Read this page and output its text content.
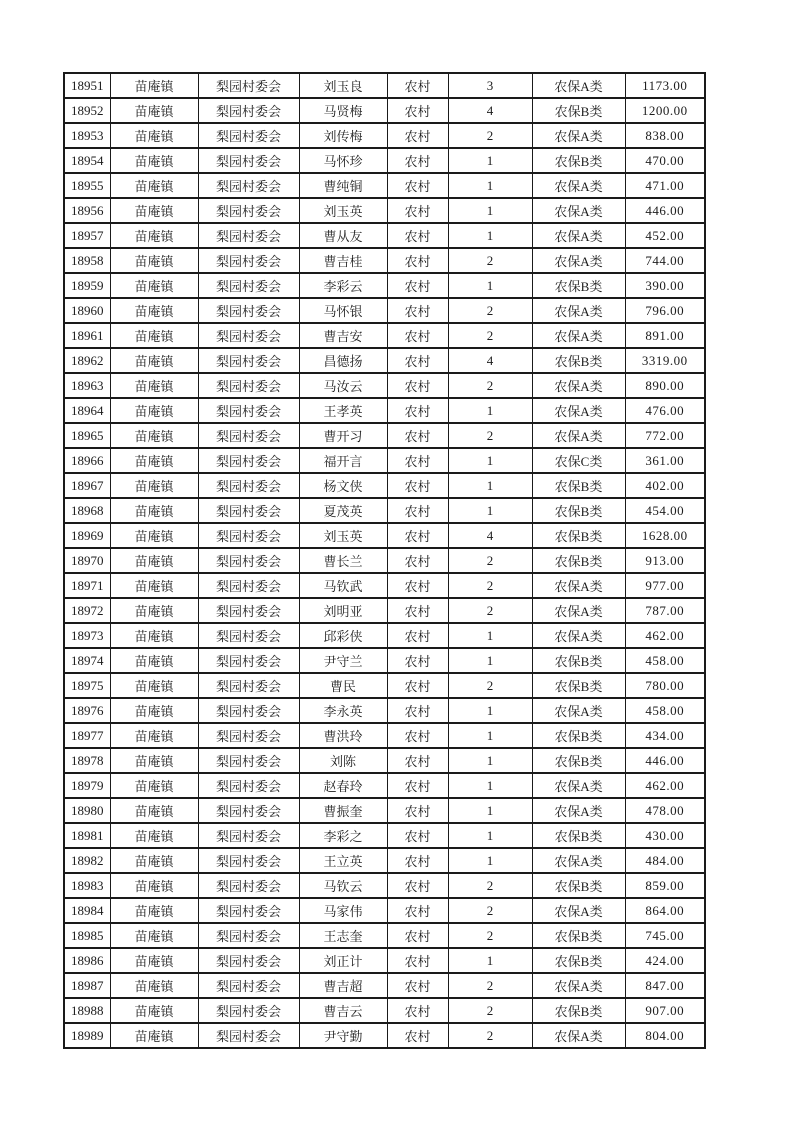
18951	苗庵镇	梨园村委会	刘玉良	农村	3	农保A类	1173.00
18952	苗庵镇	梨园村委会	马贤梅	农村	4	农保B类	1200.00
18953	苗庵镇	梨园村委会	刘传梅	农村	2	农保A类	838.00
18954	苗庵镇	梨园村委会	马怀珍	农村	1	农保B类	470.00
18955	苗庵镇	梨园村委会	曹纯铜	农村	1	农保A类	471.00
18956	苗庵镇	梨园村委会	刘玉英	农村	1	农保A类	446.00
18957	苗庵镇	梨园村委会	曹从友	农村	1	农保A类	452.00
18958	苗庵镇	梨园村委会	曹吉桂	农村	2	农保A类	744.00
18959	苗庵镇	梨园村委会	李彩云	农村	1	农保B类	390.00
18960	苗庵镇	梨园村委会	马怀银	农村	2	农保A类	796.00
18961	苗庵镇	梨园村委会	曹吉安	农村	2	农保A类	891.00
18962	苗庵镇	梨园村委会	昌德扬	农村	4	农保B类	3319.00
18963	苗庵镇	梨园村委会	马汝云	农村	2	农保A类	890.00
18964	苗庵镇	梨园村委会	王孝英	农村	1	农保A类	476.00
18965	苗庵镇	梨园村委会	曹开习	农村	2	农保A类	772.00
18966	苗庵镇	梨园村委会	福开言	农村	1	农保C类	361.00
18967	苗庵镇	梨园村委会	杨文侠	农村	1	农保B类	402.00
18968	苗庵镇	梨园村委会	夏茂英	农村	1	农保B类	454.00
18969	苗庵镇	梨园村委会	刘玉英	农村	4	农保B类	1628.00
18970	苗庵镇	梨园村委会	曹长兰	农村	2	农保B类	913.00
18971	苗庵镇	梨园村委会	马钦武	农村	2	农保A类	977.00
18972	苗庵镇	梨园村委会	刘明亚	农村	2	农保A类	787.00
18973	苗庵镇	梨园村委会	邱彩侠	农村	1	农保A类	462.00
18974	苗庵镇	梨园村委会	尹守兰	农村	1	农保B类	458.00
18975	苗庵镇	梨园村委会	曹民	农村	2	农保B类	780.00
18976	苗庵镇	梨园村委会	李永英	农村	1	农保A类	458.00
18977	苗庵镇	梨园村委会	曹洪玲	农村	1	农保B类	434.00
18978	苗庵镇	梨园村委会	刘陈	农村	1	农保B类	446.00
18979	苗庵镇	梨园村委会	赵春玲	农村	1	农保A类	462.00
18980	苗庵镇	梨园村委会	曹振奎	农村	1	农保A类	478.00
18981	苗庵镇	梨园村委会	李彩之	农村	1	农保B类	430.00
18982	苗庵镇	梨园村委会	王立英	农村	1	农保A类	484.00
18983	苗庵镇	梨园村委会	马钦云	农村	2	农保B类	859.00
18984	苗庵镇	梨园村委会	马家伟	农村	2	农保A类	864.00
18985	苗庵镇	梨园村委会	王志奎	农村	2	农保B类	745.00
18986	苗庵镇	梨园村委会	刘正计	农村	1	农保B类	424.00
18987	苗庵镇	梨园村委会	曹吉超	农村	2	农保A类	847.00
18988	苗庵镇	梨园村委会	曹吉云	农村	2	农保B类	907.00
18989	苗庵镇	梨园村委会	尹守勤	农村	2	农保A类	804.00
